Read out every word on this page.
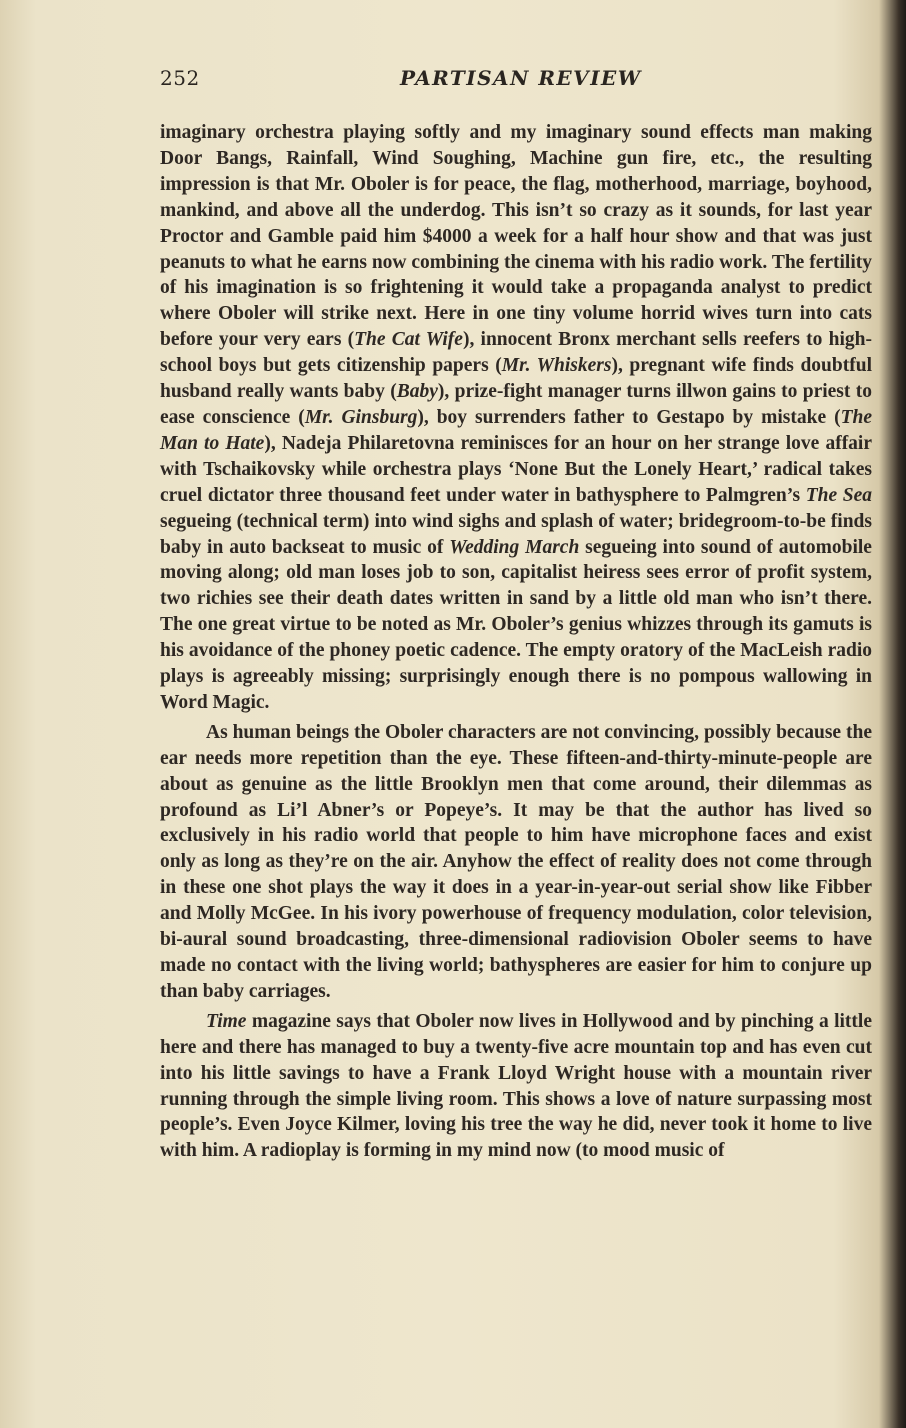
252	PARTISAN REVIEW

imaginary orchestra playing softly and my imaginary sound effects man making Door Bangs, Rainfall, Wind Soughing, Machine gun fire, etc., the resulting impression is that Mr. Oboler is for peace, the flag, motherhood, marriage, boyhood, mankind, and above all the underdog. This isn’t so crazy as it sounds, for last year Proctor and Gamble paid him $4000 a week for a half hour show and that was just peanuts to what he earns now combining the cinema with his radio work. The fertility of his imagination is so frightening it would take a propaganda analyst to predict where Oboler will strike next. Here in one tiny volume horrid wives turn into cats before your very ears (The Cat Wife), innocent Bronx merchant sells reefers to high-school boys but gets citizenship papers (Mr. Whiskers), pregnant wife finds doubtful husband really wants baby (Baby), prize-fight manager turns illwon gains to priest to ease conscience (Mr. Ginsburg), boy surrenders father to Gestapo by mistake (The Man to Hate), Nadeja Philaretovna reminisces for an hour on her strange love affair with Tschaikovsky while orchestra plays ‘None But the Lonely Heart,’ radical takes cruel dictator three thousand feet under water in bathysphere to Palmgren’s The Sea segueing (technical term) into wind sighs and splash of water; bridegroom-to-be finds baby in auto backseat to music of Wedding March segueing into sound of automobile moving along; old man loses job to son, capitalist heiress sees error of profit system, two richies see their death dates written in sand by a little old man who isn’t there. The one great virtue to be noted as Mr. Oboler’s genius whizzes through its gamuts is his avoidance of the phoney poetic cadence. The empty oratory of the MacLeish radio plays is agreeably missing; surprisingly enough there is no pompous wallowing in Word Magic.

As human beings the Oboler characters are not convincing, possibly because the ear needs more repetition than the eye. These fifteen-and-thirty-minute-people are about as genuine as the little Brooklyn men that come around, their dilemmas as profound as Li’l Abner’s or Popeye’s. It may be that the author has lived so exclusively in his radio world that people to him have microphone faces and exist only as long as they’re on the air. Anyhow the effect of reality does not come through in these one shot plays the way it does in a year-in-year-out serial show like Fibber and Molly McGee. In his ivory powerhouse of frequency modulation, color television, bi-aural sound broadcasting, three-dimensional radiovision Oboler seems to have made no contact with the living world; bathyspheres are easier for him to conjure up than baby carriages.

Time magazine says that Oboler now lives in Hollywood and by pinching a little here and there has managed to buy a twenty-five acre mountain top and has even cut into his little savings to have a Frank Lloyd Wright house with a mountain river running through the simple living room. This shows a love of nature surpassing most people’s. Even Joyce Kilmer, loving his tree the way he did, never took it home to live with him. A radioplay is forming in my mind now (to mood music of
